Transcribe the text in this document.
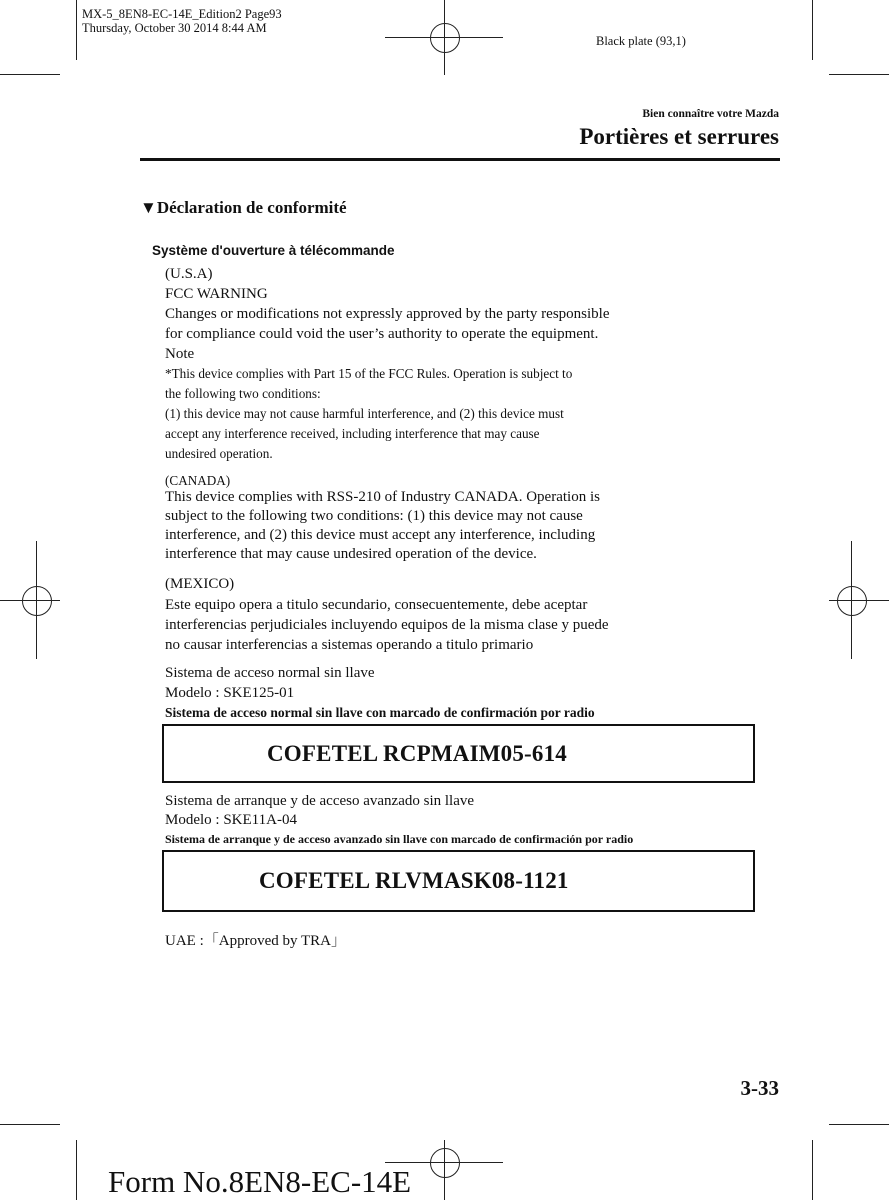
MX-5_8EN8-EC-14E_Edition2 Page93
Thursday, October 30 2014 8:44 AM
Black plate (93,1)
Bien connaître votre Mazda
Portières et serrures
▼Déclaration de conformité
Système d'ouverture à télécommande
(U.S.A)
FCC WARNING
Changes or modifications not expressly approved by the party responsible
for compliance could void the user’s authority to operate the equipment.
Note
*This device complies with Part 15 of the FCC Rules. Operation is subject to
the following two conditions:
(1) this device may not cause harmful interference, and (2) this device must
accept any interference received, including interference that may cause
undesired operation.
(CANADA)
This device complies with RSS-210 of Industry CANADA. Operation is
subject to the following two conditions: (1) this device may not cause
interference, and (2) this device must accept any interference, including
interference that may cause undesired operation of the device.
(MEXICO)
Este equipo opera a titulo secundario, consecuentemente, debe aceptar
interferencias perjudiciales incluyendo equipos de la misma clase y puede
no causar interferencias a sistemas operando a titulo primario
Sistema de acceso normal sin llave
Modelo : SKE125-01
Sistema de acceso normal sin llave con marcado de confirmación por radio
COFETEL RCPMAIM05-614
Sistema de arranque y de acceso avanzado sin llave
Modelo : SKE11A-04
Sistema de arranque y de acceso avanzado sin llave con marcado de confirmación por radio
COFETEL RLVMASK08-1121
UAE :「Approved by TRA」
3-33
Form No.8EN8-EC-14E
